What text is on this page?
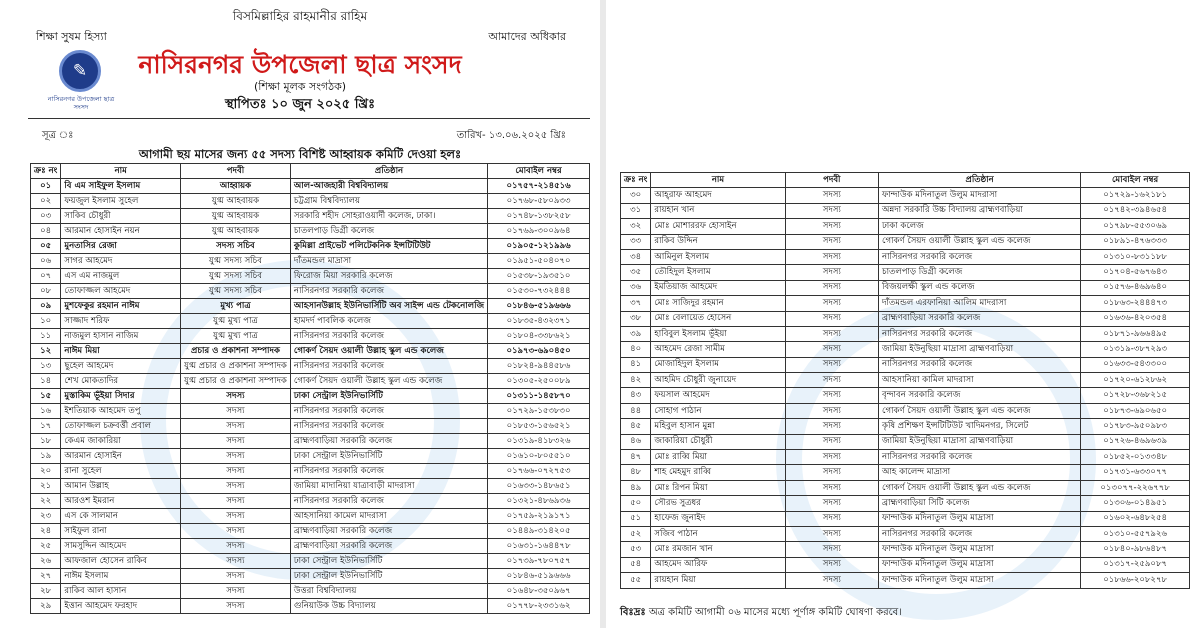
বিসমিল্লাহির রাহমানীর রাহিম
শিক্ষা সুষম হিস্যা	আমাদের অধিকার
✎
নাসিরনগর উপজেলা ছাত্র সংসদ
নাসিরনগর উপজেলা ছাত্র সংসদ
(শিক্ষা মূলক সংগঠক)
স্থাপিতঃ ১০ জুন ২০২৫ খ্রিঃ
সূত্র ঃ	তারিখ- ১৩.০৬.২০২৫ খ্রিঃ
আগামী ছয় মাসের জন্য ৫৫ সদস্য বিশিষ্ট আহ্বায়ক কমিটি দেওয়া হলঃ
ক্রঃ নং	নাম	পদবী	প্রতিষ্ঠান	মোবাইল নম্বর
০১	বি এম সাইফুল ইসলাম	আহ্বায়ক	আল-আজহারী বিশ্ববিদ্যালয়	০১৭৫৭-২১৪৫১৬
০২	ফয়জুল ইসলাম সুহেল	যুগ্ম আহবায়ক	চট্টগ্রাম বিশ্ববিদ্যালয়	০১৭৬৮-৫৮০৯৩৩
০৩	সাকিব চৌধুরী	যুগ্ম আহবায়ক	সরকারি শহীদ সোহরাওয়ার্দী কলেজ, ঢাকা।	০১৭৪৮-১৩৮২৫৮
০৪	আরমান হোসাইন নয়ন	যুগ্ম আহবায়ক	চাতলপাড় ডিগ্রী কলেজ	০১৭৬৯-৩০০৯৬৪
০৫	মুনতাসির রেজা	সদস্য সচিব	কুমিল্লা প্রাইভেট পলিটেকনিক ইন্সটিটিউট	০১৯০৫-১২১৯৯৬
০৬	সাগর আহমেদ	যুগ্ম সদস্য সচিব	দাঁতমন্ডল মাদ্রাসা	০১৯৫১-৫০৪০৭০
০৭	এস এম নাজমুল	যুগ্ম সদস্য সচিব	ফিরোজ মিয়া সরকারি কলেজ	০১৫৩৮-১৯৩৫১০
০৮	তোফাজ্জল আহমেদ	যুগ্ম সদস্য সচিব	নাসিরনগর সরকারি কলেজ	০১৫৩০-৭৩২৪৪৪
০৯	মুশফেকুর রহমান নাঈম	মুখ্য পাত্র	আহসানউল্লাহ ইউনিভার্সিটি অব সাইন্স এন্ড টেকনোলজি	০১৮৪৬-৫১৯৬৬৬
১০	সাজ্জাদ শরিফ	যুগ্ম মুখ্য পাত্র	হামদর্দ পাবলিক কলেজ	০১৮৩৫-৪৩২৩৭১
১১	নাজমুল হাসান নাজিম	যুগ্ম মুখ্য পাত্র	নাসিরনগর সরকারি কলেজ	০১৮০৪-৩৩৮৬২১
১২	নাঈম মিয়া	প্রচার ও প্রকাশনা সম্পাদক	গোকর্ণ সৈয়দ ওয়ালী উল্লাহ স্কুল এন্ড কলেজ	০১৯৭৩-৬৯০৪৫০
১৩	ছুহেল আহমেদ	যুগ্ম প্রচার ও প্রকাশনা সম্পাদক	নাসিরনগর সরকারি কলেজ	০১৮২৪-৯৪৪৫৮৬
১৪	শেখ মোকতাদির	যুগ্ম প্রচার ও প্রকাশনা সম্পাদক	গোকর্ণ সৈয়দ ওয়ালী উল্লাহ স্কুল এন্ড কলেজ	০১৩০৫-২৫০০৮৯
১৫	মুস্তাকিম ভূঁইয়া সিদার	সদস্য	ঢাকা সেন্ট্রাল ইউনিভার্সিটি	০১৩১১-১৪৫৮৭০
১৬	ইশতিয়াক আহমেদ তপু	সদস্য	নাসিরনগর সরকারি কলেজ	০১৭২৯-১৫৩৮৩০
১৭	তোফাজ্জল চক্রবর্ত্তী প্রবাল	সদস্য	নাসিরনগর সরকারি কলেজ	০১৮৫৩-১৫৬৫২১
১৮	কেএম জাকারিয়া	সদস্য	ব্রাহ্মণবাড়িয়া সরকারি কলেজ	০১৩১৯-৪১৮৩২৬
১৯	আরমান হোসাইন	সদস্য	ঢাকা সেন্ট্রাল ইউনিভার্সিটি	০১৬১০-৮০৫৫১০
২০	রানা সুহেল	সদস্য	নাসিরনগর সরকারি কলেজ	০১৭৬৬-০৭২৭৫৩
২১	আমান উল্লাহ	সদস্য	জামিয়া মাদানিয়া যাত্রাবাড়ী মাদরাসা	০১৬৩৩-১৪৮৬৫১
২২	আরওশ ইমরান	সদস্য	নাসিরনগর সরকারি কলেজ	০১৩২১-৪৮৬৯৩৬
২৩	এস কে সালমান	সদস্য	আহসানিয়া কামেল মাদরাসা	০১৭৫৯-২১৯১৭১
২৪	সাইফুল রানা	সদস্য	ব্রাহ্মণবাড়িয়া সরকারি কলেজ	০১৪৪৯-৩১৪২০৫
২৫	সামসুদ্দিন আহমেদ	সদস্য	ব্রাহ্মণবাড়িয়া সরকারি কলেজ	০১৬৩১-১৬৪৪৭৮
২৬	আফজাল হোসেন রাকিব	সদস্য	ঢাকা সেন্ট্রাল ইউনিভার্সিটি	০১৭৩৯-৭৮০৭৫৭
২৭	নাঈম ইসলাম	সদস্য	ঢাকা সেন্ট্রাল ইউনিভার্সিটি	০১৮৪৬-৫১৯৬৬৬
২৮	রাকিব আল হাসান	সদস্য	উত্তরা বিশ্ববিদ্যালয়	০১৬৪৮-৩৫০৯৬৭
২৯	ইত্তান আহমেদ ফরহাদ	সদস্য	গুনিয়াউক উচ্চ বিদ্যালয়	০১৭৭৮-২৩৩১৬২
ক্রঃ নং	নাম	পদবী	প্রতিষ্ঠান	মোবাইল নম্বর
৩০	আহ্‌রাফ আহমেদ	সদস্য	ফান্দাউক মদিনাতুল উলুম মাদরাসা	০১৭২৯-১৬২১৮১
৩১	রায়হান খান	সদস্য	অন্নদা সরকারি উচ্চ বিদ্যালয় ব্রাহ্মণবাড়িয়া	০১৭৪২-৩৯৪৬৫৪
৩২	মোঃ মোশাররফ হোসাইন	সদস্য	ঢাকা কলেজ	০১৭৯৮-৫৫৩০৬৯
৩৩	রাকিব উদ্দিন	সদস্য	গোকর্ণ সৈয়দ ওয়ালী উল্লাহ স্কুল এন্ড কলেজ	০১৮৯১-৪৭৬৩৩৩
৩৪	আমিনুল ইসলাম	সদস্য	নাসিরনগর সরকারি কলেজ	০১৩১০-৮৩১১৮৮
৩৫	তৌহিদুল ইসলাম	সদস্য	চাতলপাড় ডিগ্রী কলেজ	০১৭০৪-৫৬৭৬৪৩
৩৬	ইমতিয়াজ আহমেদ	সদস্য	বিজয়লক্ষী স্কুল এন্ড কলেজ	০১৫৭৬-৪৬৯৬৪০
৩৭	মোঃ সাজিদুর রহমান	সদস্য	দাঁতমন্ডল এরফানিয়া আলিম মাদরাসা	০১৮৬৩-২৪৪৪৭৩
৩৮	মোঃ বেলায়েত হোসেন	সদস্য	ব্রাহ্মণবাড়িয়া সরকারি কলেজ	০১৬৩৬-৪২০৩৫৪
৩৯	হাবিবুল ইসলাম ভূঁইয়া	সদস্য	নাসিরনগর সরকারি কলেজ	০১৮৭১-৯৬৬৪৯৫
৪০	আহমেদ রেজা সামীম	সদস্য	জামিয়া ইউনুছিয়া মাদ্রাসা ব্রাহ্মণবাড়িয়া	০১৩১৯-৩৮৭২৯৩
৪১	মোজাহিদুল ইসলাম	সদস্য	নাসিরনগর সরকারি কলেজ	০১৬৩৩-৫৪৩৩০০
৪২	আহমিদ চৌধুরী জুনায়েদ	সদস্য	আহসানিয়া কামিল মাদরাসা	০১৭২০-৬১২৮৬২
৪৩	ফয়সাল আহমেদ	সদস্য	বৃন্দাবন সরকারি কলেজ	০১৭২৮-৩৬৮২১৫
৪৪	সোহাগ পাঠান	সদস্য	গোকর্ণ সৈয়দ ওয়ালী উল্লাহ স্কুল এন্ড কলেজ	০১৮৭৩-৬৯০৬৫০
৪৫	মহিবুল হাসান মুন্না	সদস্য	কৃষি প্রশিক্ষণ ইন্সটিটিউট খাদিমনগর, সিলেট	০১৭৮৩-৯৫০৯৮৩
৪৬	জাকারিয়া চৌধুরী	সদস্য	জামিয়া ইউনুছিয়া মাদ্রাসা ব্রাহ্মণবাড়িয়া	০১৭২৬-৪৬৯৬৩৯
৪৭	মোঃ রাব্বি মিয়া	সদস্য	নাসিরনগর সরকারি কলেজ	০১৮৫২-০১৩৩৪৮
৪৮	শাহ মেহমুদ রাব্বি	সদস্য	আহ কালেন্দ মাদ্রাসা	০১৭৩১-৬৩৩০৭৭
৪৯	মোঃ রিপন মিয়া	সদস্য	গোকর্ণ সৈয়দ ওয়ালী উল্লাহ স্কুল এন্ড কলেজ	০১৩০৭৭-২২৬৭৭৮
৫০	সৌরভ সুত্রধর	সদস্য	ব্রাহ্মণবাড়িয়া সিটি কলেজ	০১৩০৬-০১৪৯৫১
৫১	হাফেজ জুনাইদ	সদস্য	ফান্দাউক মদিনাতুল উলুম মাদ্রাসা	০১৬০২-৬৪৮২৫৪
৫২	সজিব পাঠান	সদস্য	নাসিরনগর সরকারি কলেজ	০১৩১০-৫৫৭৯২৬
৫৩	মোঃ রমজান খান	সদস্য	ফান্দাউক মদিনাতুল উলুম মাদ্রাসা	০১৮৪০-৯৮৬৪৮৭
৫৪	আহমেদ আরিফ	সদস্য	ফান্দাউক মদিনাতুল উলুম মাদ্রাসা	০১৩১৭-২৫৯০৮৭
৫৫	রায়হান মিয়া	সদস্য	ফান্দাউক মদিনাতুল উলুম মাদ্রাসা	০১৮৬৬-২০৮২৭৮
বিঃদ্রঃ অত্র কমিটি আগামী ০৬ মাসের মধ্যে পূর্ণাঙ্গ কমিটি ঘোষণা করবে।
